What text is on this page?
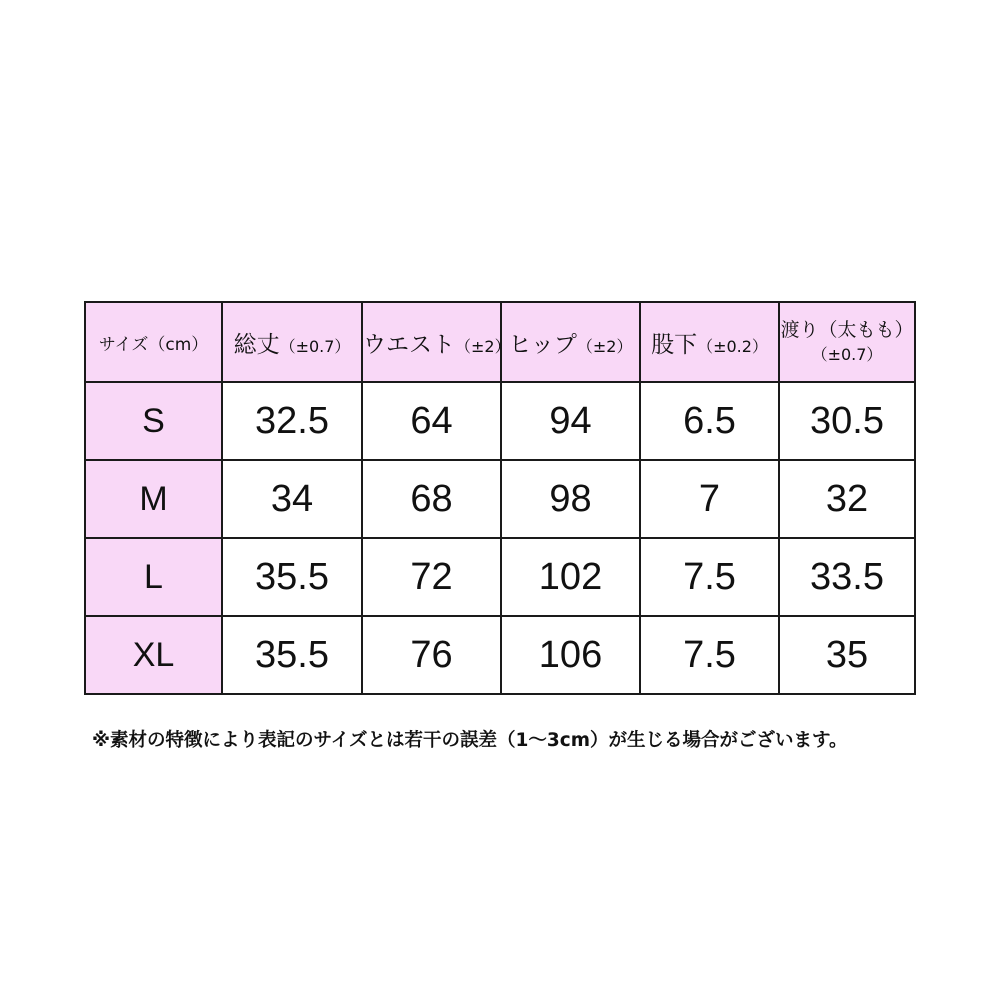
サイズ（cm）	総丈（±0.7）	ウエスト（±2）	ヒップ（±2）	股下（±0.2）	渡り（太もも）
（±0.7）
S	32.5	64	94	6.5	30.5
M	34	68	98	7	32
L	35.5	72	102	7.5	33.5
XL	35.5	76	106	7.5	35
※素材の特徴により表記のサイズとは若干の誤差（1～3cm）が生じる場合がございます。
